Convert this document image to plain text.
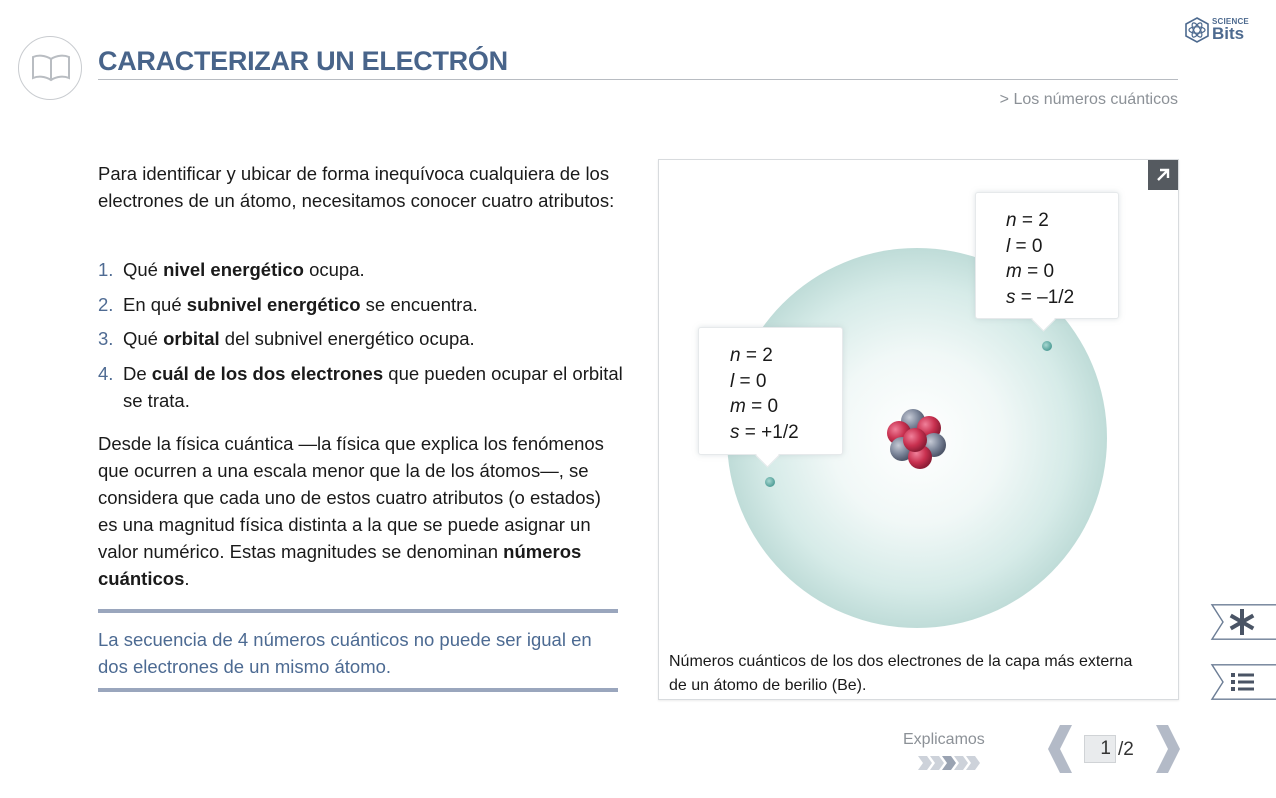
CARACTERIZAR UN ELECTRÓN
> Los números cuánticos
SCIENCE
Bits
Para identificar y ubicar de forma inequívoca cualquiera de los electrones de un átomo, necesitamos conocer cuatro atributos:
1. Qué nivel energético ocupa.
2. En qué subnivel energético se encuentra.
3. Qué orbital del subnivel energético ocupa.
4. De cuál de los dos electrones que pueden ocupar el orbital se trata.
Desde la física cuántica —la física que explica los fenómenos que ocurren a una escala menor que la de los átomos—, se considera que cada uno de estos cuatro atributos (o estados) es una magnitud física distinta a la que se puede asignar un valor numérico. Estas magnitudes se denominan números cuánticos.
La secuencia de 4 números cuánticos no puede ser igual en dos electrones de un mismo átomo.
n = 2
l = 0
m = 0
s = –1/2
n = 2
l = 0
m = 0
s = +1/2
Números cuánticos de los dos electrones de la capa más externa de un átomo de berilio (Be).
Explicamos	1 /2
